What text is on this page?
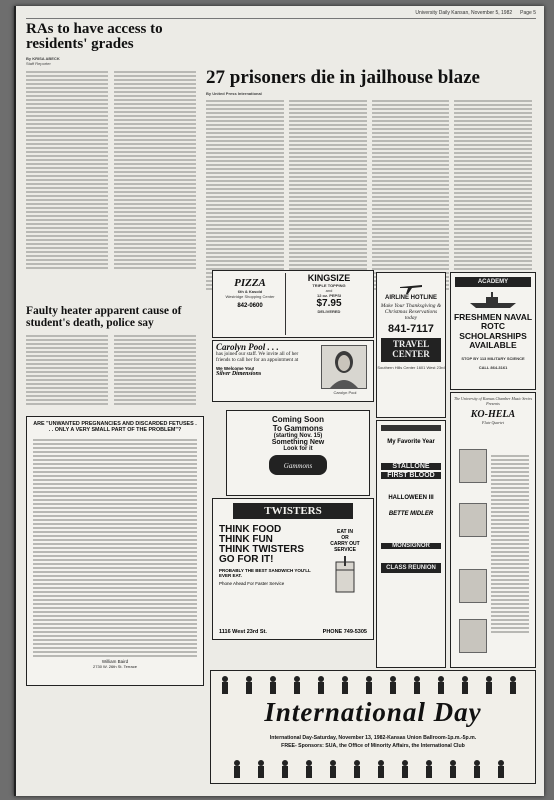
University Daily Kansan, November 5, 1982 Page 5
RAs to have access to residents' grades
By KRISA ABECK
Staff Reporter
Faulty heater apparent cause of student's death, police say
ARE "UNWANTED PREGNANCIES AND DISCARDED FETUSES . . . ONLY A VERY SMALL PART OF THE PROBLEM"?
William Baird
2730 W. 26th St. Terrace
27 prisoners die in jailhouse blaze
By United Press International
PIZZA
6th & Kasold
Westridge Shopping Center
842-0600
KINGSIZE
TRIPLE TOPPING
and
12 oz. PEPSI
$7.95
DELIVERED
Carolyn Pool . . .
has joined our staff. We invite all of her friends to call her for an appointment at
We Welcome You!
Silver Dimensions
Carolyn Pool
Coming Soon
To Gammons
(starting Nov. 15)
Something New
Look for it
Gammons
TWISTERS
THINK FOOD
THINK FUN
THINK TWISTERS
GO FOR IT!
PROBABLY THE BEST SANDWICH YOU'LL EVER EAT.
Phone Ahead For Faster Service
EAT IN
OR
CARRY OUT
SERVICE
1116 West 23rd St.	PHONE 749-5305
AIRLINE HOTLINE
Make Your Thanksgiving & Christmas Reservations today
841-7117
TRAVEL CENTER
Southern Hills Center 1601 West 23rd
My Favorite Year
STALLONE
FIRST BLOOD
HALLOWEEN III
BETTE MIDLER
MONSIGNOR
CLASS REUNION
ACADEMY
FRESHMEN NAVAL ROTC SCHOLARSHIPS AVAILABLE
STOP BY 113 MILITARY SCIENCE
CALL 864-3161
The University of Kansas Chamber Music Series Presents
KO-HELA
Flute Quartet
International Day
International Day-Saturday, November 13, 1982-Kansas Union Ballroom-1p.m.-5p.m.
FREE- Sponsors: SUA, the Office of Minority Affairs, the International Club
